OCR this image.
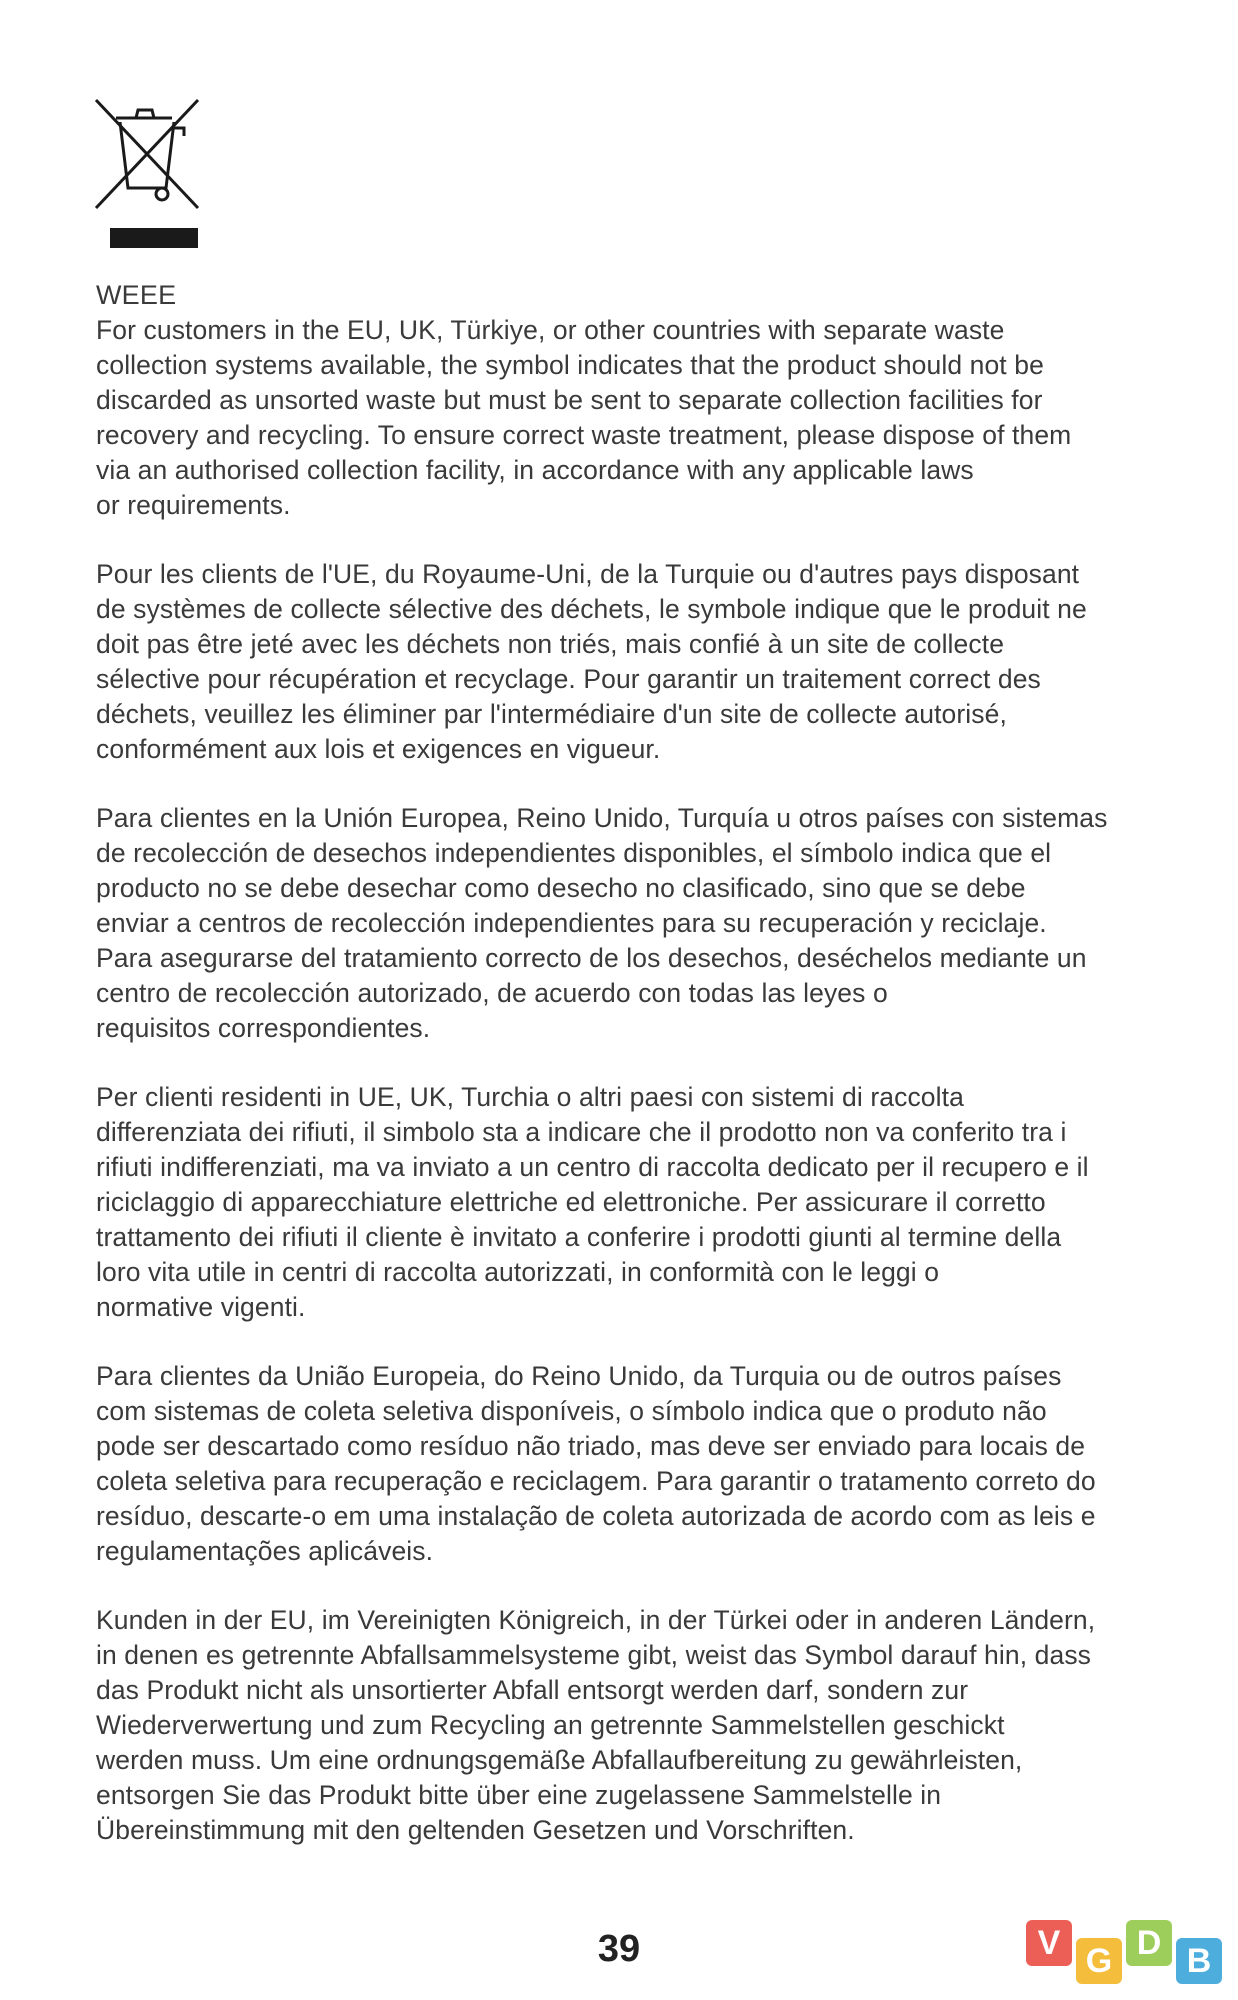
WEEE

For customers in the EU, UK, Türkiye, or other countries with separate waste
collection systems available, the symbol indicates that the product should not be
discarded as unsorted waste but must be sent to separate collection facilities for
recovery and recycling. To ensure correct waste treatment, please dispose of them
via an authorised collection facility, in accordance with any applicable laws
or requirements.

Pour les clients de l'UE, du Royaume-Uni, de la Turquie ou d'autres pays disposant
de systèmes de collecte sélective des déchets, le symbole indique que le produit ne
doit pas être jeté avec les déchets non triés, mais confié à un site de collecte
sélective pour récupération et recyclage. Pour garantir un traitement correct des
déchets, veuillez les éliminer par l'intermédiaire d'un site de collecte autorisé,
conformément aux lois et exigences en vigueur.

Para clientes en la Unión Europea, Reino Unido, Turquía u otros países con sistemas
de recolección de desechos independientes disponibles, el símbolo indica que el
producto no se debe desechar como desecho no clasificado, sino que se debe
enviar a centros de recolección independientes para su recuperación y reciclaje.
Para asegurarse del tratamiento correcto de los desechos, deséchelos mediante un
centro de recolección autorizado, de acuerdo con todas las leyes o
requisitos correspondientes.

Per clienti residenti in UE, UK, Turchia o altri paesi con sistemi di raccolta
differenziata dei rifiuti, il simbolo sta a indicare che il prodotto non va conferito tra i
rifiuti indifferenziati, ma va inviato a un centro di raccolta dedicato per il recupero e il
riciclaggio di apparecchiature elettriche ed elettroniche. Per assicurare il corretto
trattamento dei rifiuti il cliente è invitato a conferire i prodotti giunti al termine della
loro vita utile in centri di raccolta autorizzati, in conformità con le leggi o
normative vigenti.

Para clientes da União Europeia, do Reino Unido, da Turquia ou de outros países
com sistemas de coleta seletiva disponíveis, o símbolo indica que o produto não
pode ser descartado como resíduo não triado, mas deve ser enviado para locais de
coleta seletiva para recuperação e reciclagem. Para garantir o tratamento correto do
resíduo, descarte-o em uma instalação de coleta autorizada de acordo com as leis e
regulamentações aplicáveis.

Kunden in der EU, im Vereinigten Königreich, in der Türkei oder in anderen Ländern,
in denen es getrennte Abfallsammelsysteme gibt, weist das Symbol darauf hin, dass
das Produkt nicht als unsortierter Abfall entsorgt werden darf, sondern zur
Wiederverwertung und zum Recycling an getrennte Sammelstellen geschickt
werden muss. Um eine ordnungsgemäße Abfallaufbereitung zu gewährleisten,
entsorgen Sie das Produkt bitte über eine zugelassene Sammelstelle in
Übereinstimmung mit den geltenden Gesetzen und Vorschriften.

39	V G D B
